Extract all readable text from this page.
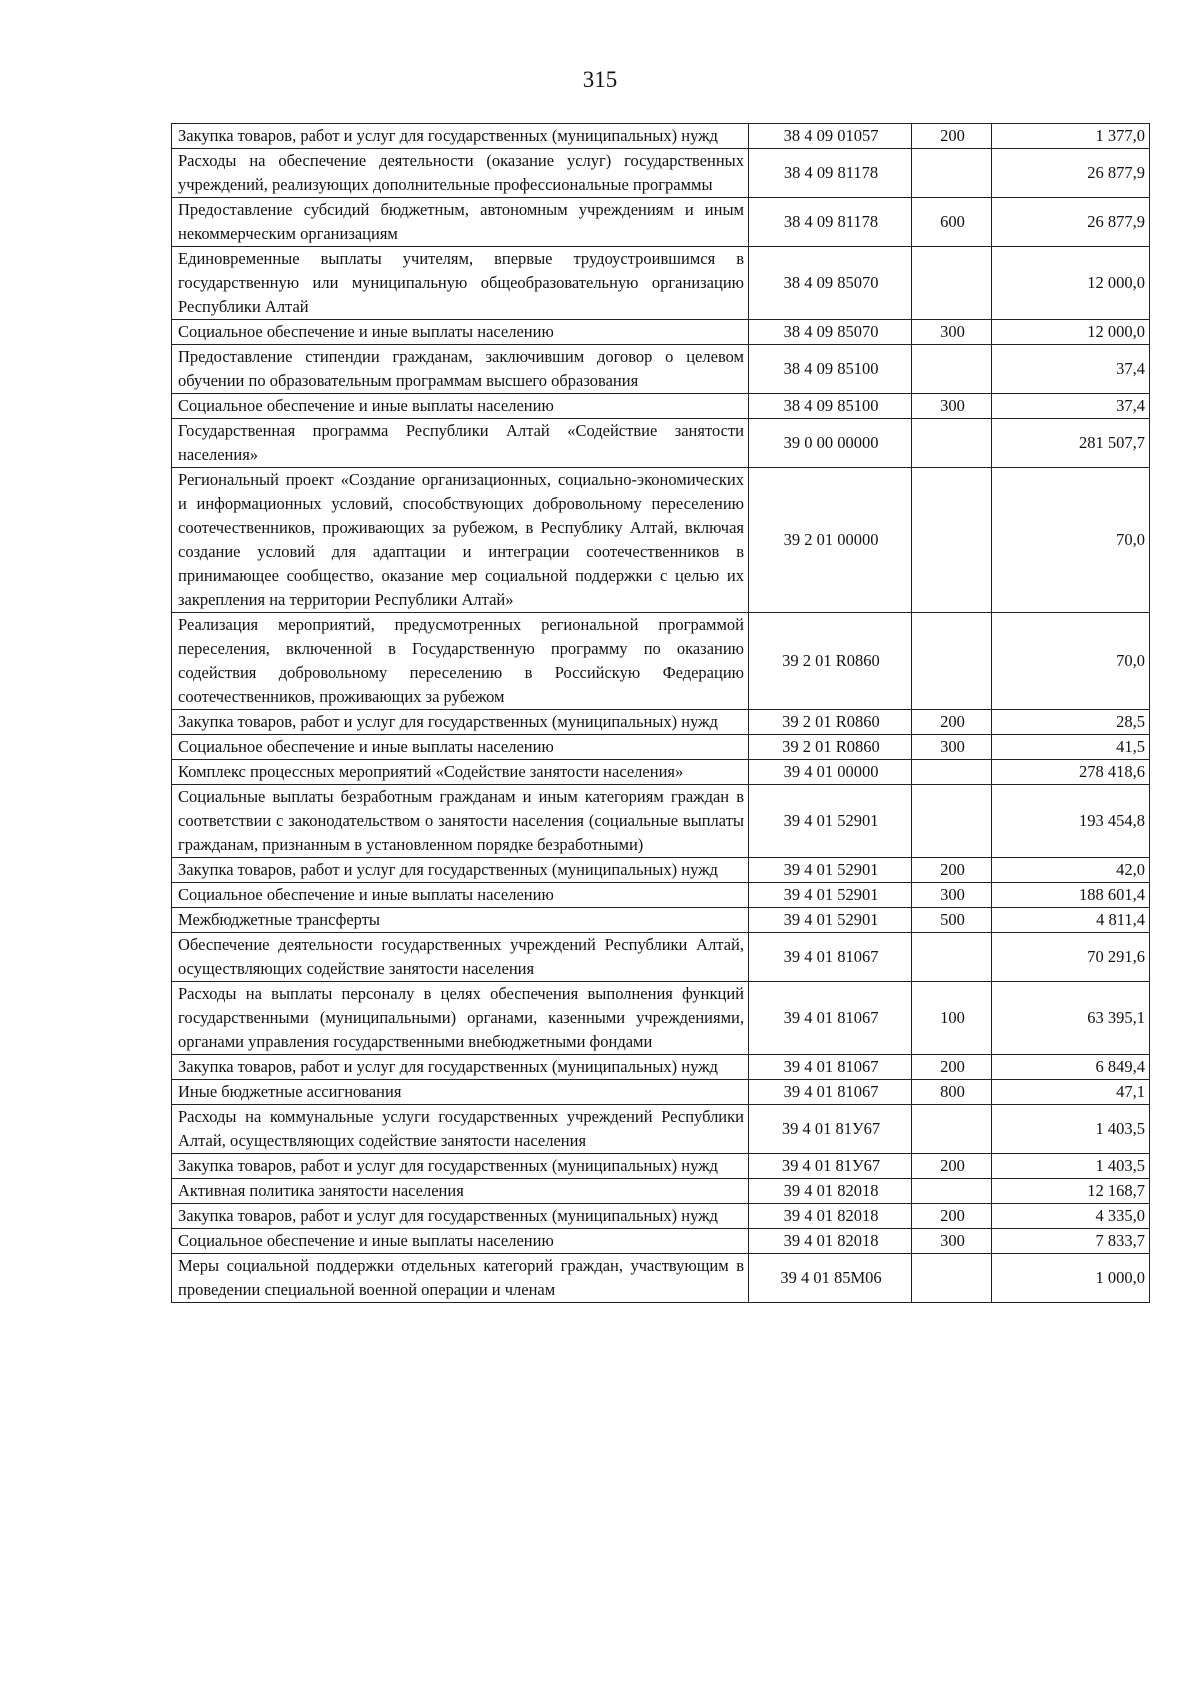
315
Закупка товаров, работ и услуг для государственных (муниципальных) нужд	38 4 09 01057	200	1 377,0
Расходы на обеспечение деятельности (оказание услуг) государственных учреждений, реализующих дополнительные профессиональные программы	38 4 09 81178		26 877,9
Предоставление субсидий бюджетным, автономным учреждениям и иным некоммерческим организациям	38 4 09 81178	600	26 877,9
Единовременные выплаты учителям, впервые трудоустроившимся в государственную или муниципальную общеобразовательную организацию Республики Алтай	38 4 09 85070		12 000,0
Социальное обеспечение и иные выплаты населению	38 4 09 85070	300	12 000,0
Предоставление стипендии гражданам, заключившим договор о целевом обучении по образовательным программам высшего образования	38 4 09 85100		37,4
Социальное обеспечение и иные выплаты населению	38 4 09 85100	300	37,4
Государственная программа Республики Алтай «Содействие занятости населения»	39 0 00 00000		281 507,7
Региональный проект «Создание организационных, социально-экономических и информационных условий, способствующих добровольному переселению соотечественников, проживающих за рубежом, в Республику Алтай, включая создание условий для адаптации и интеграции соотечественников в принимающее сообщество, оказание мер социальной поддержки с целью их закрепления на территории Республики Алтай»	39 2 01 00000		70,0
Реализация мероприятий, предусмотренных региональной программой переселения, включенной в Государственную программу по оказанию содействия добровольному переселению в Российскую Федерацию соотечественников, проживающих за рубежом	39 2 01 R0860		70,0
Закупка товаров, работ и услуг для государственных (муниципальных) нужд	39 2 01 R0860	200	28,5
Социальное обеспечение и иные выплаты населению	39 2 01 R0860	300	41,5
Комплекс процессных мероприятий «Содействие занятости населения»	39 4 01 00000		278 418,6
Социальные выплаты безработным гражданам и иным категориям граждан в соответствии с законодательством о занятости населения (социальные выплаты гражданам, признанным в установленном порядке безработными)	39 4 01 52901		193 454,8
Закупка товаров, работ и услуг для государственных (муниципальных) нужд	39 4 01 52901	200	42,0
Социальное обеспечение и иные выплаты населению	39 4 01 52901	300	188 601,4
Межбюджетные трансферты	39 4 01 52901	500	4 811,4
Обеспечение деятельности государственных учреждений Республики Алтай, осуществляющих содействие занятости населения	39 4 01 81067		70 291,6
Расходы на выплаты персоналу в целях обеспечения выполнения функций государственными (муниципальными) органами, казенными учреждениями, органами управления государственными внебюджетными фондами	39 4 01 81067	100	63 395,1
Закупка товаров, работ и услуг для государственных (муниципальных) нужд	39 4 01 81067	200	6 849,4
Иные бюджетные ассигнования	39 4 01 81067	800	47,1
Расходы на коммунальные услуги государственных учреждений Республики Алтай, осуществляющих содействие занятости населения	39 4 01 81У67		1 403,5
Закупка товаров, работ и услуг для государственных (муниципальных) нужд	39 4 01 81У67	200	1 403,5
Активная политика занятости населения	39 4 01 82018		12 168,7
Закупка товаров, работ и услуг для государственных (муниципальных) нужд	39 4 01 82018	200	4 335,0
Социальное обеспечение и иные выплаты населению	39 4 01 82018	300	7 833,7
Меры социальной поддержки отдельных категорий граждан, участвующим в проведении специальной военной операции и членам	39 4 01 85М06		1 000,0
